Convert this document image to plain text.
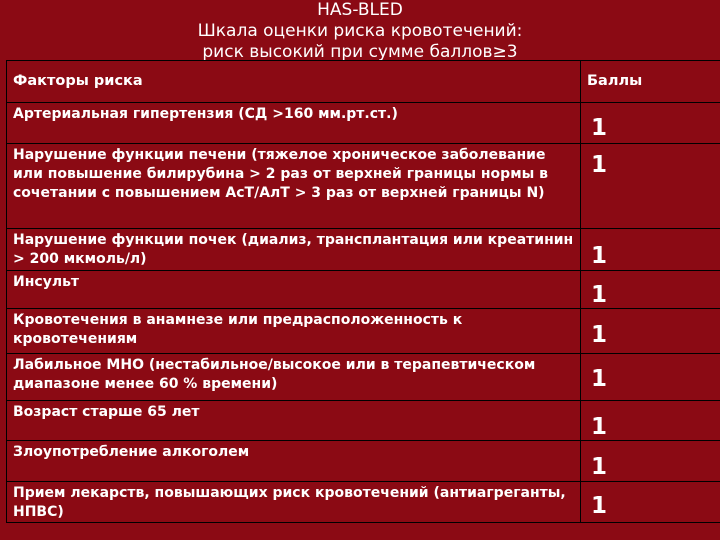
HAS-BLED
Шкала оценки риска кровотечений:
риск высокий при сумме баллов≥3
Факторы риска	Баллы
Артериальная гипертензия (СД >160 мм.рт.ст.)	1
Нарушение функции печени (тяжелое хроническое заболевание или повышение билирубина > 2 раз от верхней границы нормы в сочетании с повышением АсТ/АлТ > 3 раз от верхней границы N)	1
Нарушение функции почек (диализ, трансплантация или креатинин > 200 мкмоль/л)	1
Инсульт	1
Кровотечения в анамнезе или предрасположенность к кровотечениям	1
Лабильное МНО (нестабильное/высокое или в терапевтическом диапазоне менее 60 % времени)	1
Возраст старше 65 лет	1
Злоупотребление алкоголем	1
Прием лекарств, повышающих риск кровотечений (антиагреганты, НПВС)	1
